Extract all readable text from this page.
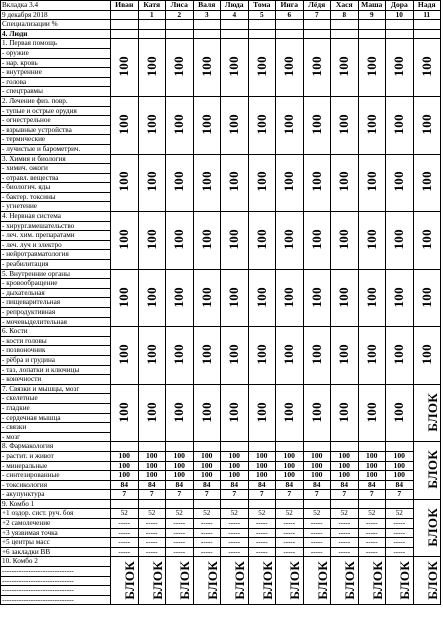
Вкладка 3.4	Иван	Катя	Лиса	Валя	Люда	Тома	Инга	Лёдя	Хася	Маша	Дора	Надя
9 декабря 2018		1	2	3	4	5	6	7	8	9	10	11
Специализации %												
4. Люди												
1. Первая помощь	100	100	100	100	100	100	100	100	100	100	100	100
- оружие												
- нар. кровь												
- внутренние												
- голова												
- спецтравмы												
2. Лечение физ. повр.	100	100	100	100	100	100	100	100	100	100	100	100
- тупые и острые орудия												
- огнестрельное												
- взрывные устройства												
- термические												
- лучистые и барометрич.												
3. Химия и биология	100	100	100	100	100	100	100	100	100	100	100	100
- химич. ожоги												
- отравл. вещества												
- биологич. яды												
- бактер. токсины												
- угнетение												
4. Нервная система	100	100	100	100	100	100	100	100	100	100	100	100
- хирург.вмешательство												
- леч. хим. препаратами												
- леч. луч и электро												
- нейротравматология												
- реабилитация												
5. Внутренние органы	100	100	100	100	100	100	100	100	100	100	100	100
- кровообращение												
- дыхательная												
- пищеварительная												
- репродуктивная												
- мочевыделительная												
6. Кости	100	100	100	100	100	100	100	100	100	100	100	100
- кости головы												
- позвоночник												
- рёбра и грудина												
- таз, лопатки и ключицы												
- конечности												
7. Связки и мышцы, мозг	100	100	100	100	100	100	100	100	100	100	100	БЛОК
- скелетные												
- гладкие												
- сердечная мышца												
- связки												
- мозг												
8. Фармакология												БЛОК
- растит. и живот	100	100	100	100	100	100	100	100	100	100	100	
- минеральные	100	100	100	100	100	100	100	100	100	100	100	
- синтезированные	100	100	100	100	100	100	100	100	100	100	100	
- токсикология	84	84	84	84	84	84	84	84	84	84	84	
- акупунктура	7	7	7	7	7	7	7	7	7	7	7	
9. Комбо 1												БЛОК
+1 оздор. сист. руч. боя	52	52	52	52	52	52	52	52	52	52	52	
+2 самолечение	-----	-----	-----	-----	-----	-----	-----	-----	-----	-----	-----	
+3 уязвимая точка	-----	-----	-----	-----	-----	-----	-----	-----	-----	-----	-----	
+5 центры масс	-----	-----	-----	-----	-----	-----	-----	-----	-----	-----	-----	
+6 закладки ВВ	-----	-----	-----	-----	-----	-----	-----	-----	-----	-----	-----	
10. Комбо 2	БЛОК	БЛОК	БЛОК	БЛОК	БЛОК	БЛОК	БЛОК	БЛОК	БЛОК	БЛОК	БЛОК	БЛОК
------------------------------												
------------------------------												
------------------------------												
------------------------------												
